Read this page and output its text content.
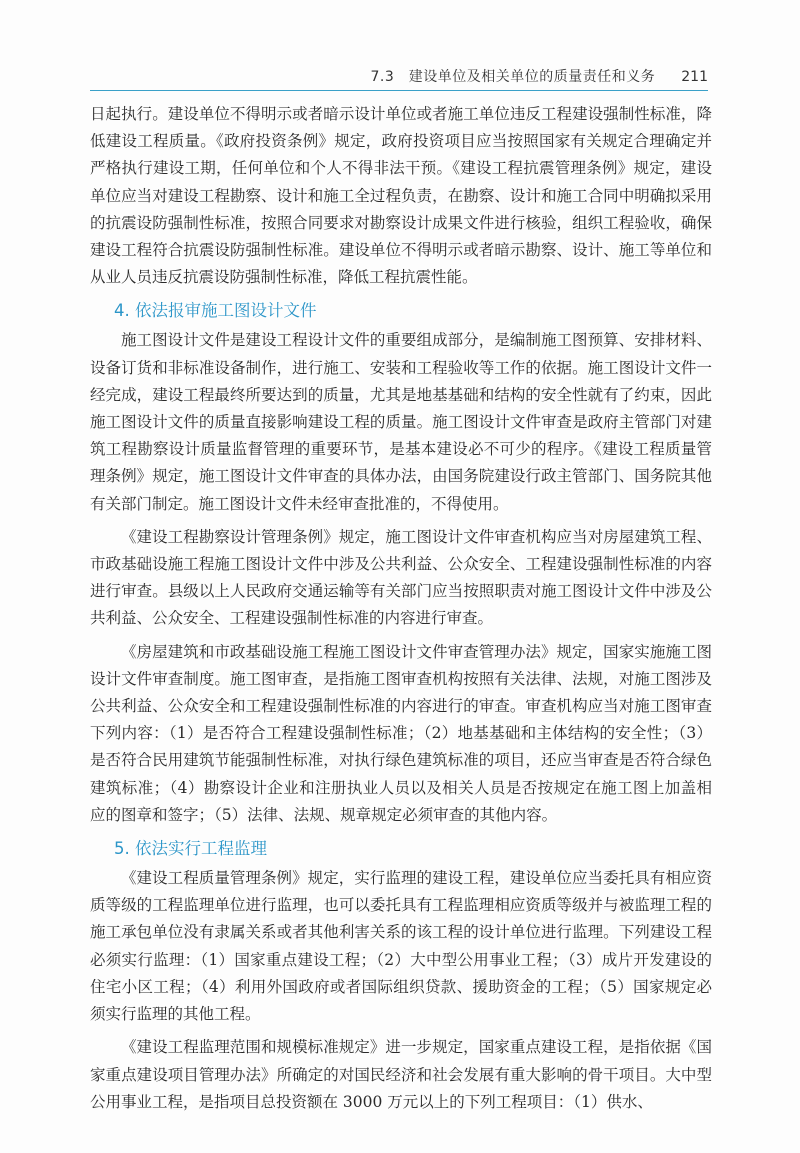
7.3　建设单位及相关单位的质量责任和义务 211

日起执行。建设单位不得明示或者暗示设计单位或者施工单位违反工程建设强制性标准，降低建设工程质量。《政府投资条例》规定，政府投资项目应当按照国家有关规定合理确定并严格执行建设工期，任何单位和个人不得非法干预。《建设工程抗震管理条例》规定，建设单位应当对建设工程勘察、设计和施工全过程负责，在勘察、设计和施工合同中明确拟采用的抗震设防强制性标准，按照合同要求对勘察设计成果文件进行核验，组织工程验收，确保建设工程符合抗震设防强制性标准。建设单位不得明示或者暗示勘察、设计、施工等单位和从业人员违反抗震设防强制性标准，降低工程抗震性能。

4. 依法报审施工图设计文件

施工图设计文件是建设工程设计文件的重要组成部分，是编制施工图预算、安排材料、设备订货和非标准设备制作，进行施工、安装和工程验收等工作的依据。施工图设计文件一经完成，建设工程最终所要达到的质量，尤其是地基基础和结构的安全性就有了约束，因此施工图设计文件的质量直接影响建设工程的质量。施工图设计文件审查是政府主管部门对建筑工程勘察设计质量监督管理的重要环节，是基本建设必不可少的程序。《建设工程质量管理条例》规定，施工图设计文件审查的具体办法，由国务院建设行政主管部门、国务院其他有关部门制定。施工图设计文件未经审查批准的，不得使用。

《建设工程勘察设计管理条例》规定，施工图设计文件审查机构应当对房屋建筑工程、市政基础设施工程施工图设计文件中涉及公共利益、公众安全、工程建设强制性标准的内容进行审查。县级以上人民政府交通运输等有关部门应当按照职责对施工图设计文件中涉及公共利益、公众安全、工程建设强制性标准的内容进行审查。

《房屋建筑和市政基础设施工程施工图设计文件审查管理办法》规定，国家实施施工图设计文件审查制度。施工图审查，是指施工图审查机构按照有关法律、法规，对施工图涉及公共利益、公众安全和工程建设强制性标准的内容进行的审查。审查机构应当对施工图审查下列内容：（1）是否符合工程建设强制性标准；（2）地基基础和主体结构的安全性；（3）是否符合民用建筑节能强制性标准，对执行绿色建筑标准的项目，还应当审查是否符合绿色建筑标准；（4）勘察设计企业和注册执业人员以及相关人员是否按规定在施工图上加盖相应的图章和签字；（5）法律、法规、规章规定必须审查的其他内容。

5. 依法实行工程监理

《建设工程质量管理条例》规定，实行监理的建设工程，建设单位应当委托具有相应资质等级的工程监理单位进行监理，也可以委托具有工程监理相应资质等级并与被监理工程的施工承包单位没有隶属关系或者其他利害关系的该工程的设计单位进行监理。下列建设工程必须实行监理：（1）国家重点建设工程；（2）大中型公用事业工程；（3）成片开发建设的住宅小区工程；（4）利用外国政府或者国际组织贷款、援助资金的工程；（5）国家规定必须实行监理的其他工程。

《建设工程监理范围和规模标准规定》进一步规定，国家重点建设工程，是指依据《国家重点建设项目管理办法》所确定的对国民经济和社会发展有重大影响的骨干项目。大中型公用事业工程，是指项目总投资额在 3000 万元以上的下列工程项目：（1）供水、
